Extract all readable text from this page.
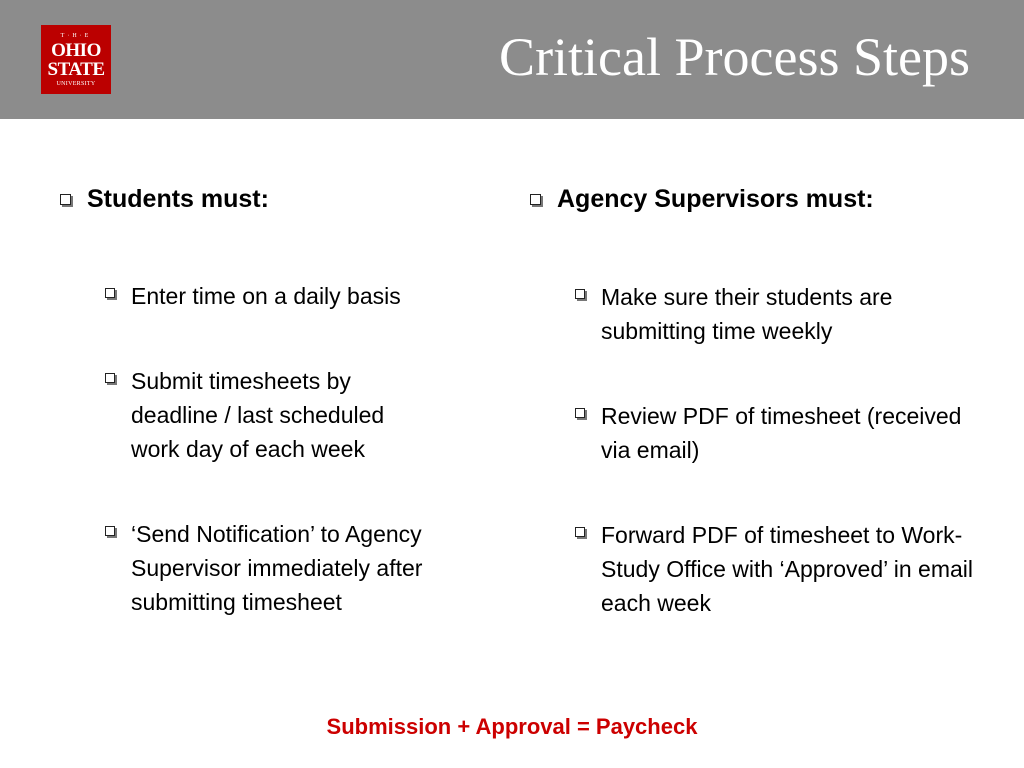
T·H·E
OHIO
STATE
UNIVERSITY	Critical Process Steps
Students must:
Enter time on a daily basis
Submit timesheets by deadline / last scheduled work day of each week
‘Send Notification’ to Agency Supervisor immediately after submitting timesheet
Agency Supervisors must:
Make sure their students are submitting time weekly
Review PDF of timesheet (received via email)
Forward PDF of timesheet to Work-Study Office with ‘Approved’ in email each week
Submission + Approval = Paycheck
